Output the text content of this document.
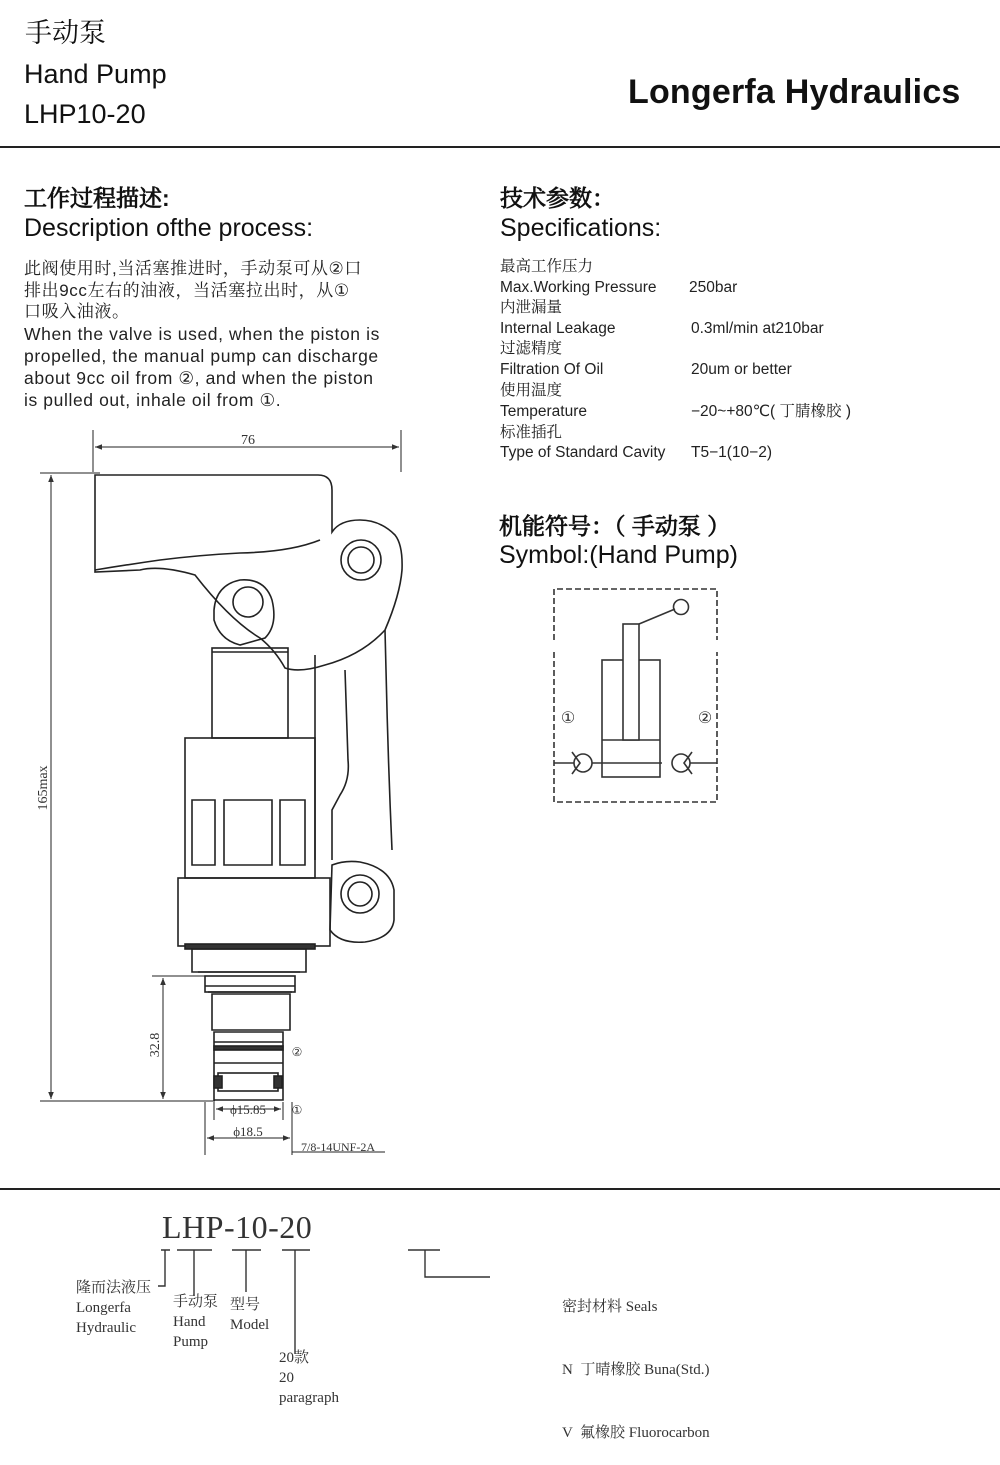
手动泵
Hand Pump
LHP10-20
Longerfa Hydraulics
工作过程描述:
Description ofthe process:
此阀使用时,当活塞推进时，手动泵可从②口
排出9cc左右的油液，当活塞拉出时，从①
口吸入油液。
When the valve is used, when the piston is
propelled, the manual pump can discharge
about 9cc oil from ②, and when the piston
is pulled out, inhale oil from ①.
技术参数：
Specifications:
最高工作压力
Max.Working Pressure 250bar
内泄漏量
Internal Leakage	0.3ml/min at210bar
过滤精度
Filtration Of Oil	20um or better
使用温度
Temperature	−20~+80℃( 丁腈橡胶 )
标准插孔
Type of Standard Cavity T5−1(10−2)
机能符号：（ 手动泵 ）
Symbol:(Hand Pump)
①	②
76
165max
32.8
ϕ15.85
ϕ18.5
7/8-14UNF-2A
②
①
LHP-10-20
隆而法液压
Longerfa
Hydraulic
手动泵
Hand
Pump
型号
Model
20款
20
paragraph

密封材料 Seals

N  丁晴橡胶 Buna(Std.)

V  氟橡胶 Fluorocarbon
